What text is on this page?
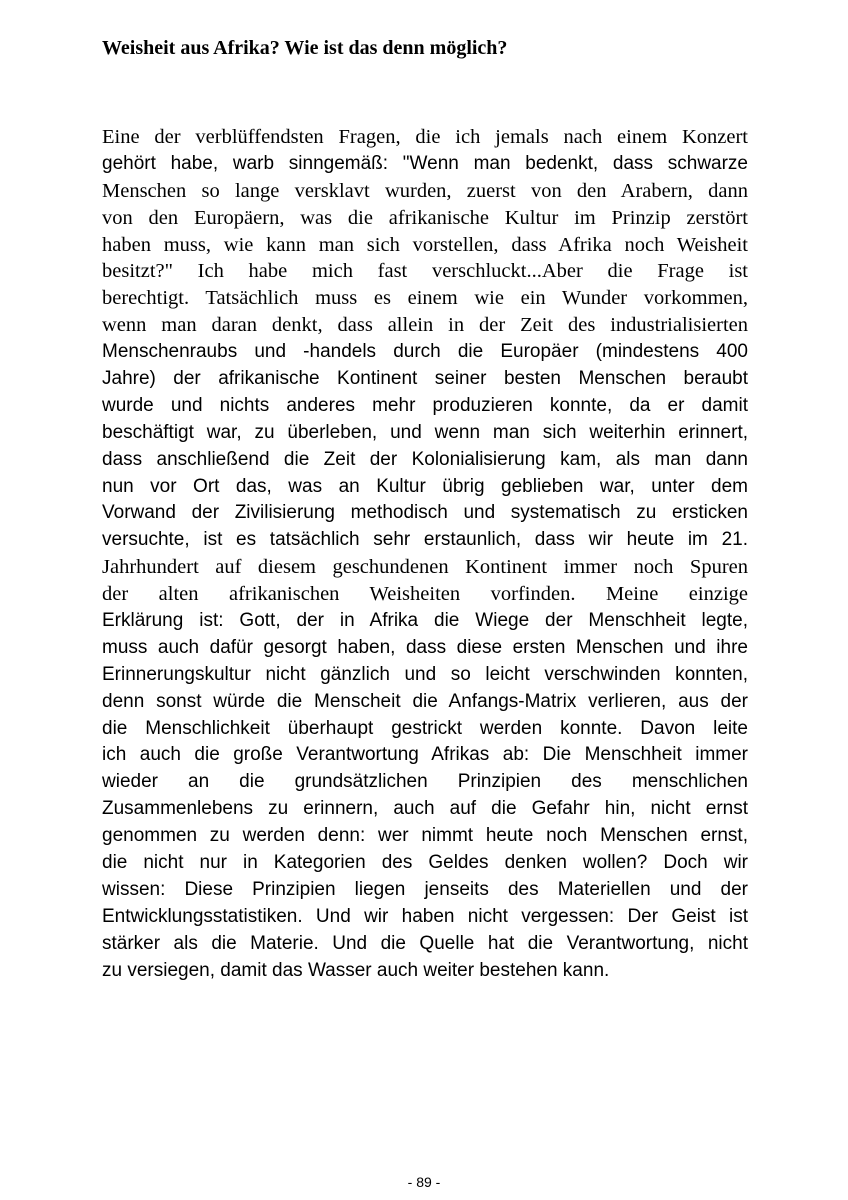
Weisheit aus Afrika? Wie ist das denn möglich?
Eine der verblüffendsten Fragen, die ich jemals nach einem Konzert
gehört habe, warb sinngemäß: "Wenn man bedenkt, dass schwarze
Menschen so lange versklavt wurden, zuerst von den Arabern, dann
von den Europäern, was die afrikanische Kultur im Prinzip zerstört
haben muss, wie kann man sich vorstellen, dass Afrika noch Weisheit
besitzt?" Ich habe mich fast verschluckt...Aber die Frage ist
berechtigt. Tatsächlich muss es einem wie ein Wunder vorkommen,
wenn man daran denkt, dass allein in der Zeit des industrialisierten
Menschenraubs und -handels durch die Europäer (mindestens 400
Jahre) der afrikanische Kontinent seiner besten Menschen beraubt
wurde und nichts anderes mehr produzieren konnte, da er damit
beschäftigt war, zu überleben, und wenn man sich weiterhin erinnert,
dass anschließend die Zeit der Kolonialisierung kam, als man dann
nun vor Ort das, was an Kultur übrig geblieben war, unter dem
Vorwand der Zivilisierung methodisch und systematisch zu ersticken
versuchte, ist es tatsächlich sehr erstaunlich, dass wir heute im 21.
Jahrhundert auf diesem geschundenen Kontinent immer noch Spuren
der alten afrikanischen Weisheiten vorfinden. Meine einzige
Erklärung ist: Gott, der in Afrika die Wiege der Menschheit legte,
muss auch dafür gesorgt haben, dass diese ersten Menschen und ihre
Erinnerungskultur nicht gänzlich und so leicht verschwinden konnten,
denn sonst würde die Menscheit die Anfangs-Matrix verlieren, aus der
die Menschlichkeit überhaupt gestrickt werden konnte. Davon leite
ich auch die große Verantwortung Afrikas ab: Die Menschheit immer
wieder an die grundsätzlichen Prinzipien des menschlichen
Zusammenlebens zu erinnern, auch auf die Gefahr hin, nicht ernst
genommen zu werden denn: wer nimmt heute noch Menschen ernst,
die nicht nur in Kategorien des Geldes denken wollen? Doch wir
wissen: Diese Prinzipien liegen jenseits des Materiellen und der
Entwicklungsstatistiken. Und wir haben nicht vergessen: Der Geist ist
stärker als die Materie. Und die Quelle hat die Verantwortung, nicht
zu versiegen, damit das Wasser auch weiter bestehen kann.
- 89 -
